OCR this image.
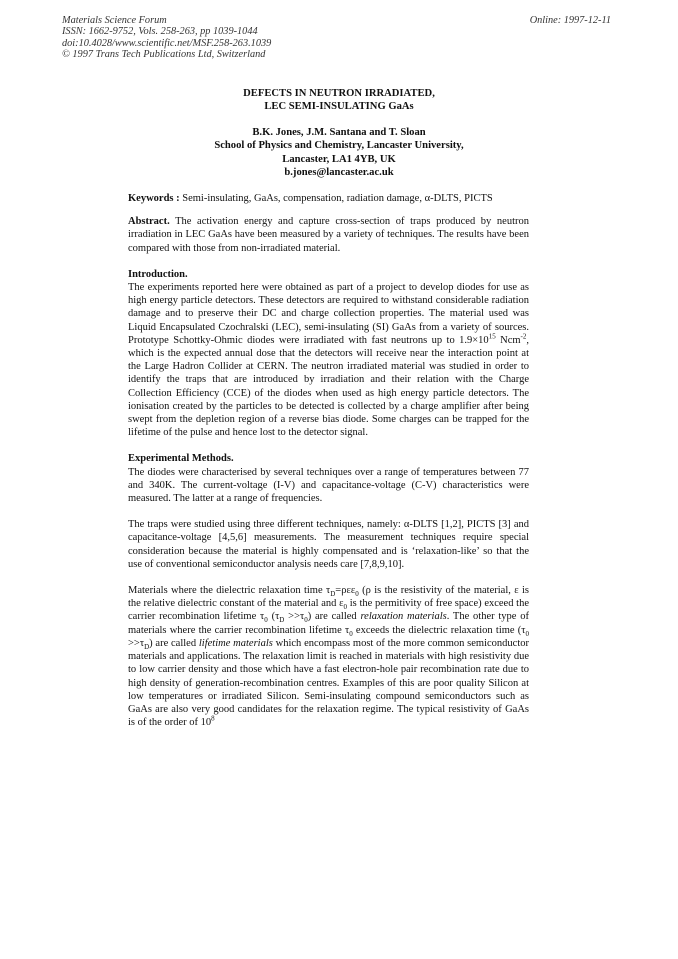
Materials Science Forum
ISSN: 1662-9752, Vols. 258-263, pp 1039-1044
doi:10.4028/www.scientific.net/MSF.258-263.1039
© 1997 Trans Tech Publications Ltd, Switzerland
Online: 1997-12-11
DEFECTS IN NEUTRON IRRADIATED,
LEC SEMI-INSULATING GaAs
B.K. Jones, J.M. Santana and T. Sloan
School of Physics and Chemistry, Lancaster University,
Lancaster, LA1 4YB, UK
b.jones@lancaster.ac.uk

Keywords : Semi-insulating, GaAs, compensation, radiation damage, α-DLTS, PICTS

Abstract. The activation energy and capture cross-section of traps produced by neutron irradiation in LEC GaAs have been measured by a variety of techniques. The results have been compared with those from non-irradiated material.

Introduction.

The experiments reported here were obtained as part of a project to develop diodes for use as high energy particle detectors. These detectors are required to withstand considerable radiation damage and to preserve their DC and charge collection properties. The material used was Liquid Encapsulated Czochralski (LEC), semi-insulating (SI) GaAs from a variety of sources. Prototype Schottky-Ohmic diodes were irradiated with fast neutrons up to $1.9\times 10^{15}$ Ncm$^{-2}$, which is the expected annual dose that the detectors will receive near the interaction point at the Large Hadron Collider at CERN. The neutron irradiated material was studied in order to identify the traps that are introduced by irradiation and their relation with the Charge Collection Efficiency (CCE) of the diodes when used as high energy particle detectors. The ionisation created by the particles to be detected is collected by a charge amplifier after being swept from the depletion region of a reverse bias diode. Some charges can be trapped for the lifetime of the pulse and hence lost to the detector signal.

Experimental Methods.

The diodes were characterised by several techniques over a range of temperatures between 77 and 340K. The current-voltage (I-V) and capacitance-voltage (C-V) characteristics were measured. The latter at a range of frequencies.

The traps were studied using three different techniques, namely: α-DLTS [1,2], PICTS [3] and capacitance-voltage [4,5,6] measurements. The measurement techniques require special consideration because the material is highly compensated and is ‘relaxation-like’ so that the use of conventional semiconductor analysis needs care [7,8,9,10].

Materials where the dielectric relaxation time $\tau_D=\rho\varepsilon\varepsilon_0$ (ρ is the resistivity of the material, ε is the relative dielectric constant of the material and $\varepsilon_0$ is the permitivity of free space) exceed the carrier recombination lifetime $\tau_0$ $(\tau_D >>\tau_0)$ are called relaxation materials. The other type of materials where the carrier recombination lifetime $\tau_0$ exceeds the dielectric relaxation time $(\tau_0 >>\tau_D)$ are called lifetime materials which encompass most of the more common semiconductor materials and applications. The relaxation limit is reached in materials with high resistivity due to low carrier density and those which have a fast electron-hole pair recombination rate due to high density of generation-recombination centres. Examples of this are poor quality Silicon at low temperatures or irradiated Silicon. Semi-insulating compound semiconductors such as GaAs are also very good candidates for the relaxation regime. The typical resistivity of GaAs is of the order of $10^8$
